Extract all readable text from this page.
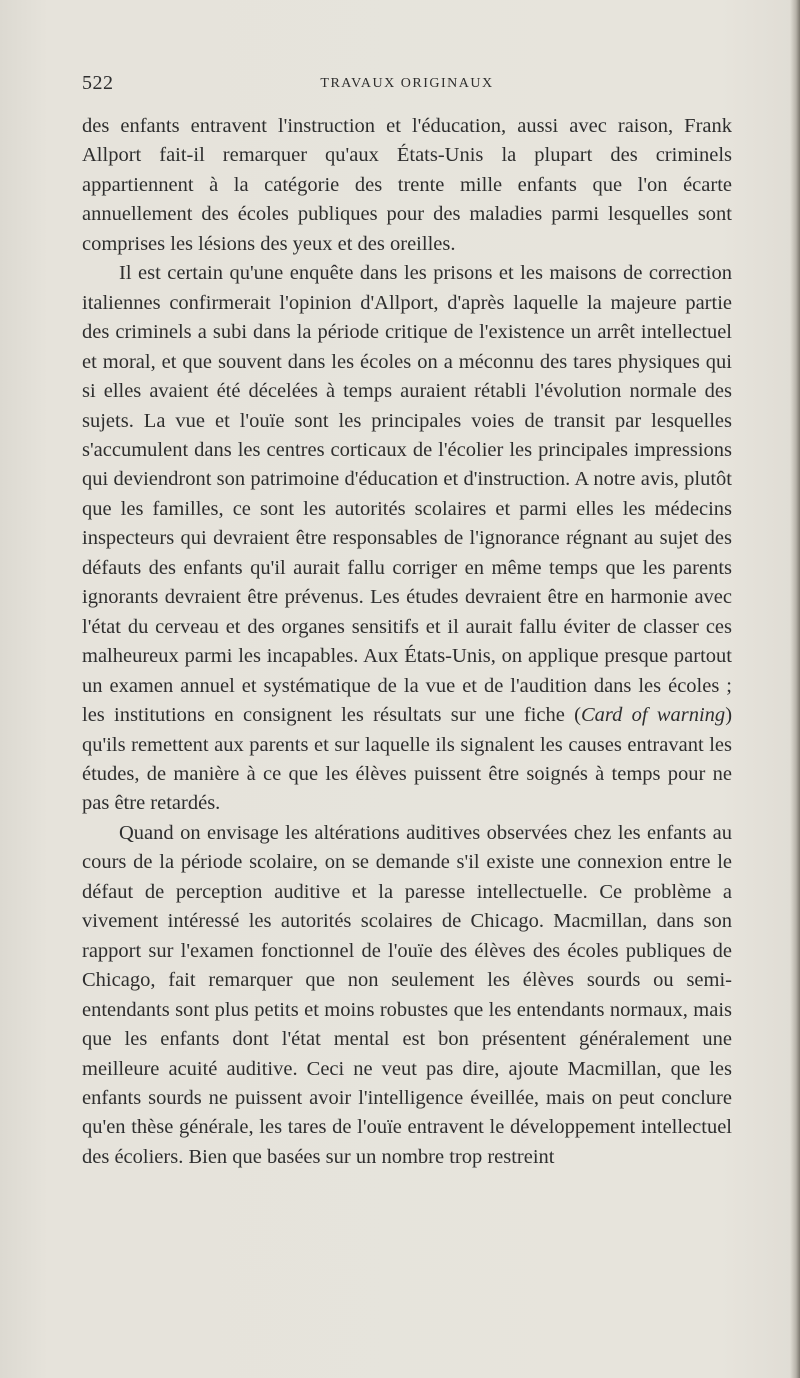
522	TRAVAUX ORIGINAUX

des enfants entravent l'instruction et l'éducation, aussi avec raison, Frank Allport fait-il remarquer qu'aux États-Unis la plupart des criminels appartiennent à la catégorie des trente mille enfants que l'on écarte annuellement des écoles publiques pour des maladies parmi lesquelles sont comprises les lésions des yeux et des oreilles.

Il est certain qu'une enquête dans les prisons et les maisons de correction italiennes confirmerait l'opinion d'Allport, d'après laquelle la majeure partie des criminels a subi dans la période critique de l'existence un arrêt intellectuel et moral, et que souvent dans les écoles on a méconnu des tares physiques qui si elles avaient été décelées à temps auraient rétabli l'évolution normale des sujets. La vue et l'ouïe sont les principales voies de transit par lesquelles s'accumulent dans les centres corticaux de l'écolier les principales impressions qui deviendront son patrimoine d'éducation et d'instruction. A notre avis, plutôt que les familles, ce sont les autorités scolaires et parmi elles les médecins inspecteurs qui devraient être responsables de l'ignorance régnant au sujet des défauts des enfants qu'il aurait fallu corriger en même temps que les parents ignorants devraient être prévenus. Les études devraient être en harmonie avec l'état du cerveau et des organes sensitifs et il aurait fallu éviter de classer ces malheureux parmi les incapables. Aux États-Unis, on applique presque partout un examen annuel et systématique de la vue et de l'audition dans les écoles ; les institutions en consignent les résultats sur une fiche (Card of warning) qu'ils remettent aux parents et sur laquelle ils signalent les causes entravant les études, de manière à ce que les élèves puissent être soignés à temps pour ne pas être retardés.

Quand on envisage les altérations auditives observées chez les enfants au cours de la période scolaire, on se demande s'il existe une connexion entre le défaut de perception auditive et la paresse intellectuelle. Ce problème a vivement intéressé les autorités scolaires de Chicago. Macmillan, dans son rapport sur l'examen fonctionnel de l'ouïe des élèves des écoles publiques de Chicago, fait remarquer que non seulement les élèves sourds ou semi-entendants sont plus petits et moins robustes que les entendants normaux, mais que les enfants dont l'état mental est bon présentent généralement une meilleure acuité auditive. Ceci ne veut pas dire, ajoute Macmillan, que les enfants sourds ne puissent avoir l'intelligence éveillée, mais on peut conclure qu'en thèse générale, les tares de l'ouïe entravent le développement intellectuel des écoliers. Bien que basées sur un nombre trop restreint
